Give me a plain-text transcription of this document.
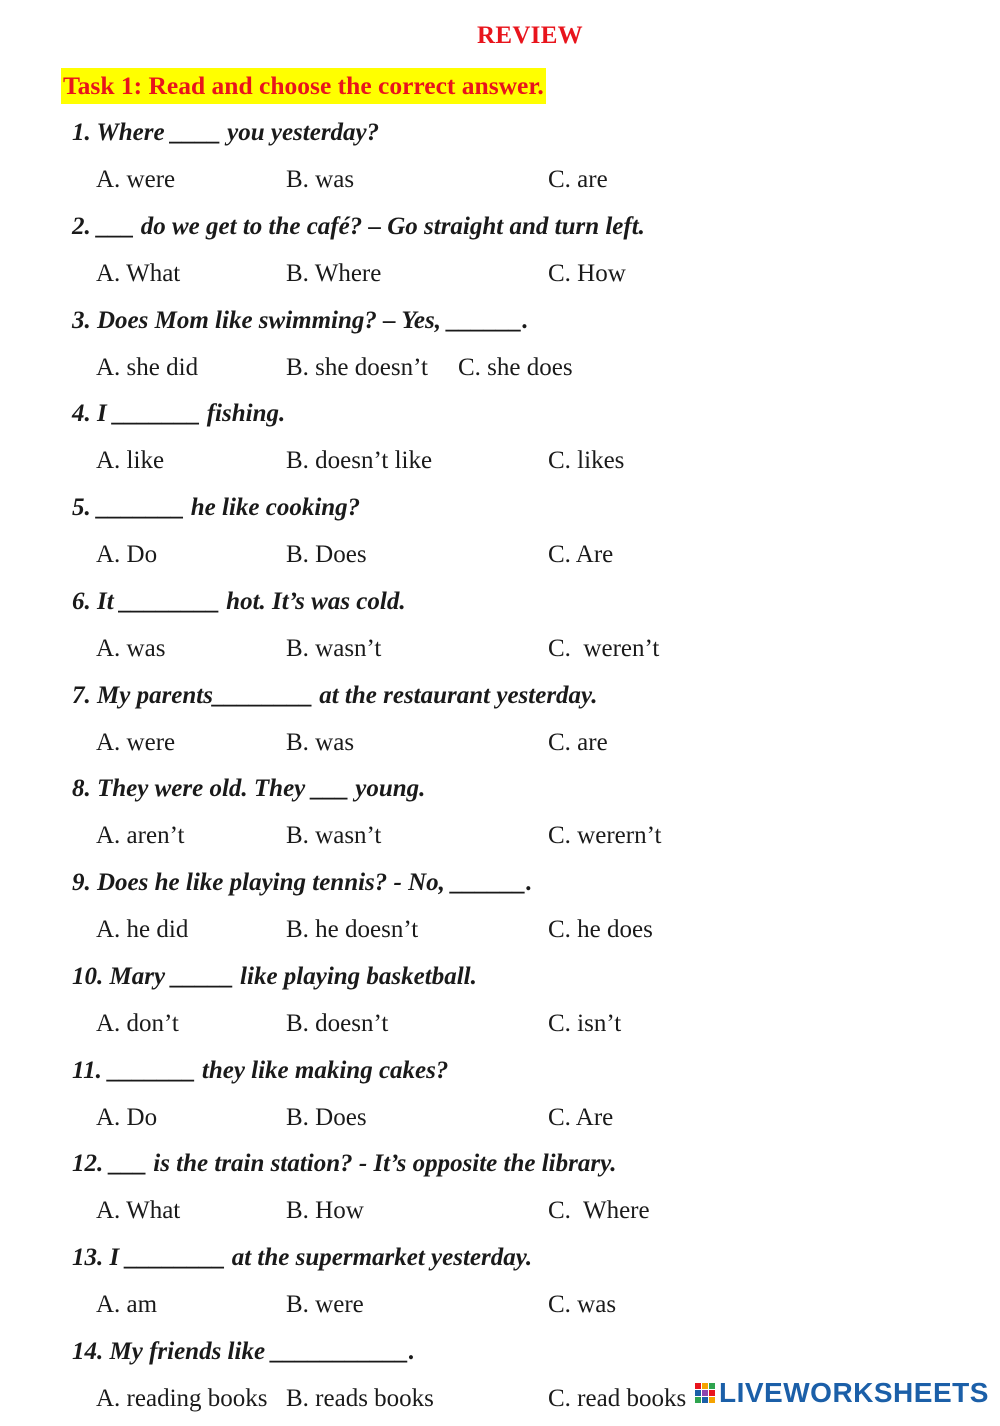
REVIEW
Task 1: Read and choose the correct answer.
1. Where ____ you yesterday?
A. were	B. was	C. are
2. ___ do we get to the café? – Go straight and turn left.
A. What	B. Where	C. How
3. Does Mom like swimming? – Yes, ______.
A. she did	B. she doesn’t C. she does
4. I _______ fishing.
A. like	B. doesn’t like	C. likes
5. _______ he like cooking?
A. Do	B. Does	C. Are
6. It ________ hot. It’s was cold.
A. was	B. wasn’t	C.  weren’t
7. My parents________ at the restaurant yesterday.
A. were	B. was	C. are
8. They were old. They ___ young.
A. aren’t	B. wasn’t	C. werern’t
9. Does he like playing tennis? - No, ______.
A. he did	B. he doesn’t	C. he does
10. Mary _____ like playing basketball.
A. don’t	B. doesn’t	C. isn’t
11. _______ they like making cakes?
A. Do	B. Does	C. Are
12. ___ is the train station? - It’s opposite the library.
A. What	B. How	C.  Where
13. I ________ at the supermarket yesterday.
A. am	B. were	C. was
14. My friends like ___________.
A. reading books B. reads books	C. read books LIVEWORKSHEETS
